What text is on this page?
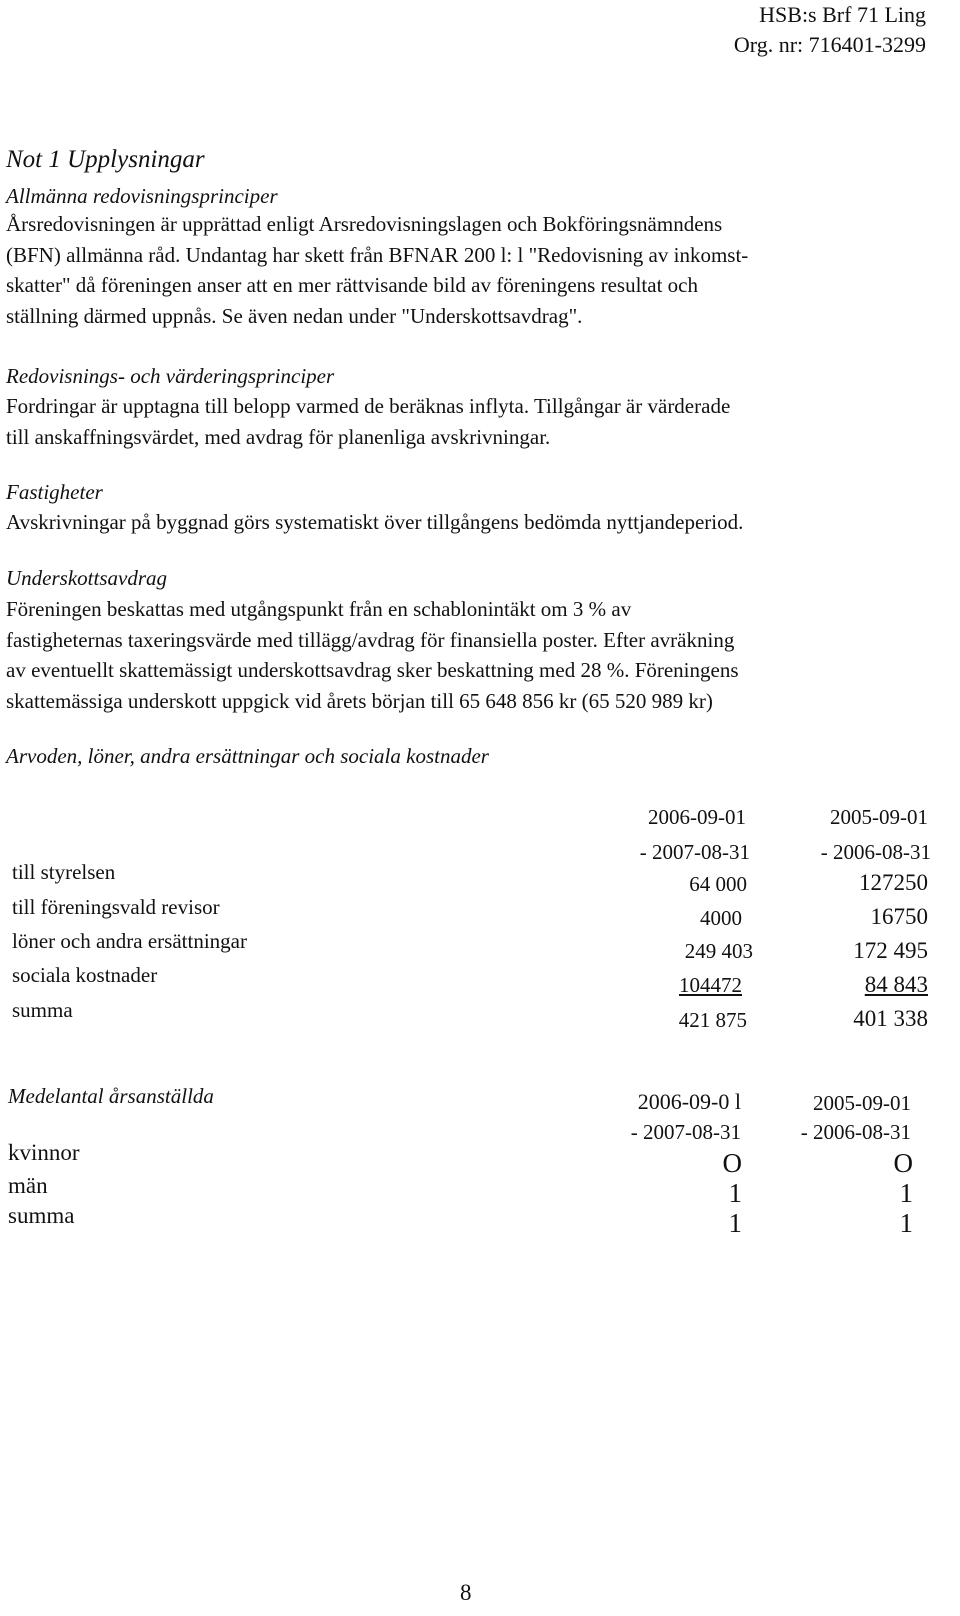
HSB:s Brf 71 Ling
Org. nr: 716401-3299
Not 1 Upplysningar
Allmänna redovisningsprinciper
Årsredovisningen är upprättad enligt Arsredovisningslagen och Bokföringsnämndens
(BFN) allmänna råd. Undantag har skett från BFNAR 200 l: l "Redovisning av inkomst-
skatter" då föreningen anser att en mer rättvisande bild av föreningens resultat och
ställning därmed uppnås. Se även nedan under "Underskottsavdrag".
Redovisnings- och värderingsprinciper
Fordringar är upptagna till belopp varmed de beräknas inflyta. Tillgångar är värderade
till anskaffningsvärdet, med avdrag för planenliga avskrivningar.
Fastigheter
Avskrivningar på byggnad görs systematiskt över tillgångens bedömda nyttjandeperiod.
Underskottsavdrag
Föreningen beskattas med utgångspunkt från en schablonintäkt om 3 % av
fastigheternas taxeringsvärde med tillägg/avdrag för finansiella poster. Efter avräkning
av eventuellt skattemässigt underskottsavdrag sker beskattning med 28 %. Föreningens
skattemässiga underskott uppgick vid årets början till 65 648 856 kr (65 520 989 kr)
Arvoden, löner, andra ersättningar och sociala kostnader
2006-09-01
- 2007-08-31
2005-09-01
- 2006-08-31
till styrelsen
till föreningsvald revisor
löner och andra ersättningar
sociala kostnader
summa
64 000
4000
249 403
104472
421 875
127250
16750
172 495
84 843
401 338
Medelantal årsanställda	2006-09-0 l
- 2007-08-31
2005-09-01
- 2006-08-31
kvinnor
män
summa
O
1
1
O
1
1
8
